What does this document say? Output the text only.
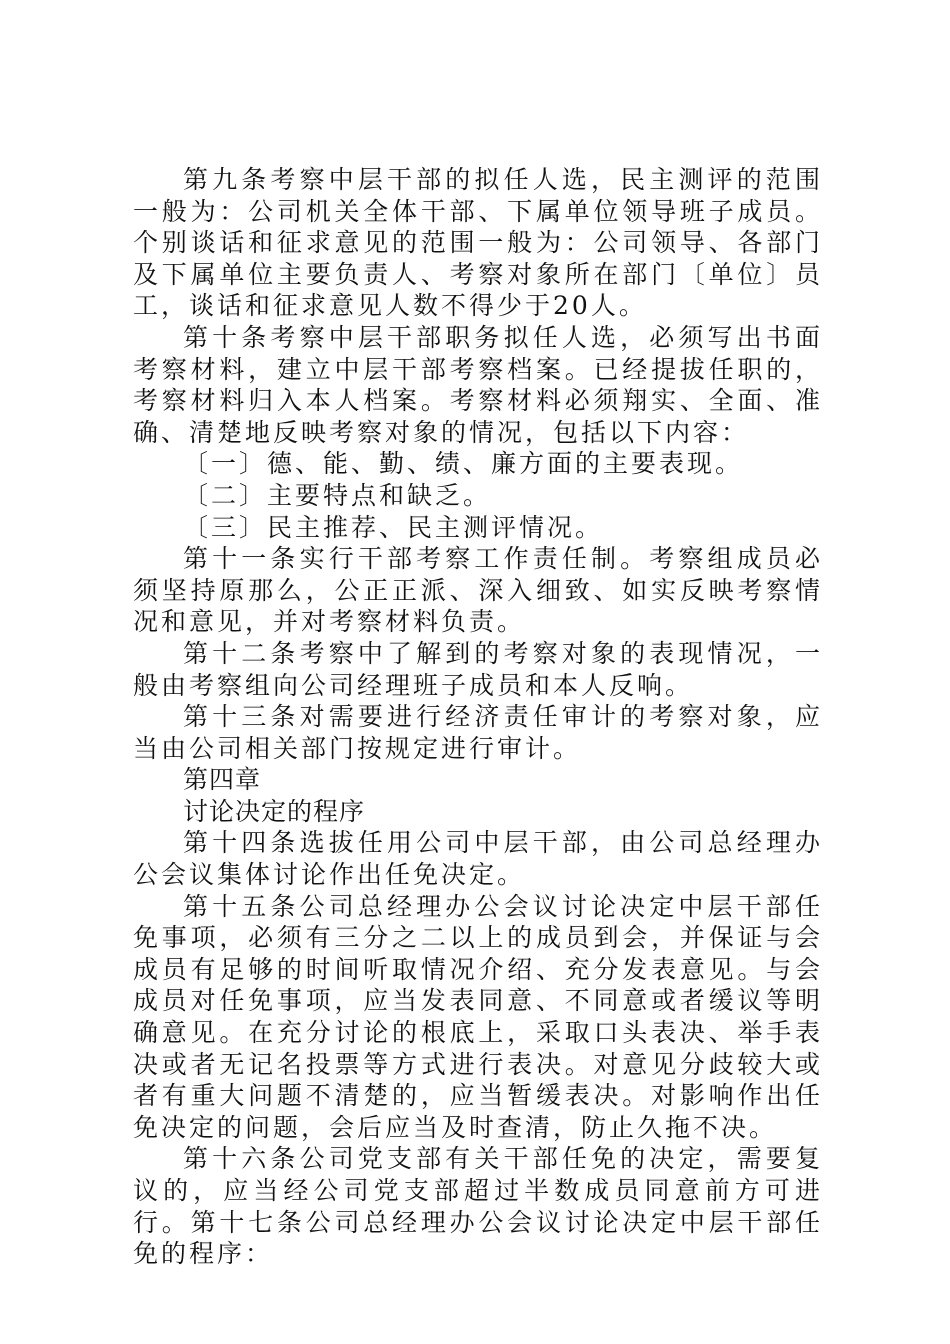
第九条考察中层干部的拟任人选，民主测评的范围一般为：公司机关全体干部、下属单位领导班子成员。个别谈话和征求意见的范围一般为：公司领导、各部门及下属单位主要负责人、考察对象所在部门〔单位〕员工，谈话和征求意见人数不得少于20人。

第十条考察中层干部职务拟任人选，必须写出书面考察材料，建立中层干部考察档案。已经提拔任职的，考察材料归入本人档案。考察材料必须翔实、全面、准确、清楚地反映考察对象的情况，包括以下内容：

〔一〕德、能、勤、绩、廉方面的主要表现。

〔二〕主要特点和缺乏。

〔三〕民主推荐、民主测评情况。

第十一条实行干部考察工作责任制。考察组成员必须坚持原那么，公正正派、深入细致、如实反映考察情况和意见，并对考察材料负责。

第十二条考察中了解到的考察对象的表现情况，一般由考察组向公司经理班子成员和本人反响。

第十三条对需要进行经济责任审计的考察对象，应当由公司相关部门按规定进行审计。

第四章

讨论决定的程序

第十四条选拔任用公司中层干部，由公司总经理办公会议集体讨论作出任免决定。

第十五条公司总经理办公会议讨论决定中层干部任免事项，必须有三分之二以上的成员到会，并保证与会成员有足够的时间听取情况介绍、充分发表意见。与会成员对任免事项，应当发表同意、不同意或者缓议等明确意见。在充分讨论的根底上，采取口头表决、举手表决或者无记名投票等方式进行表决。对意见分歧较大或者有重大问题不清楚的，应当暂缓表决。对影响作出任免决定的问题，会后应当及时查清，防止久拖不决。

第十六条公司党支部有关干部任免的决定，需要复议的，应当经公司党支部超过半数成员同意前方可进行。第十七条公司总经理办公会议讨论决定中层干部任免的程序：
